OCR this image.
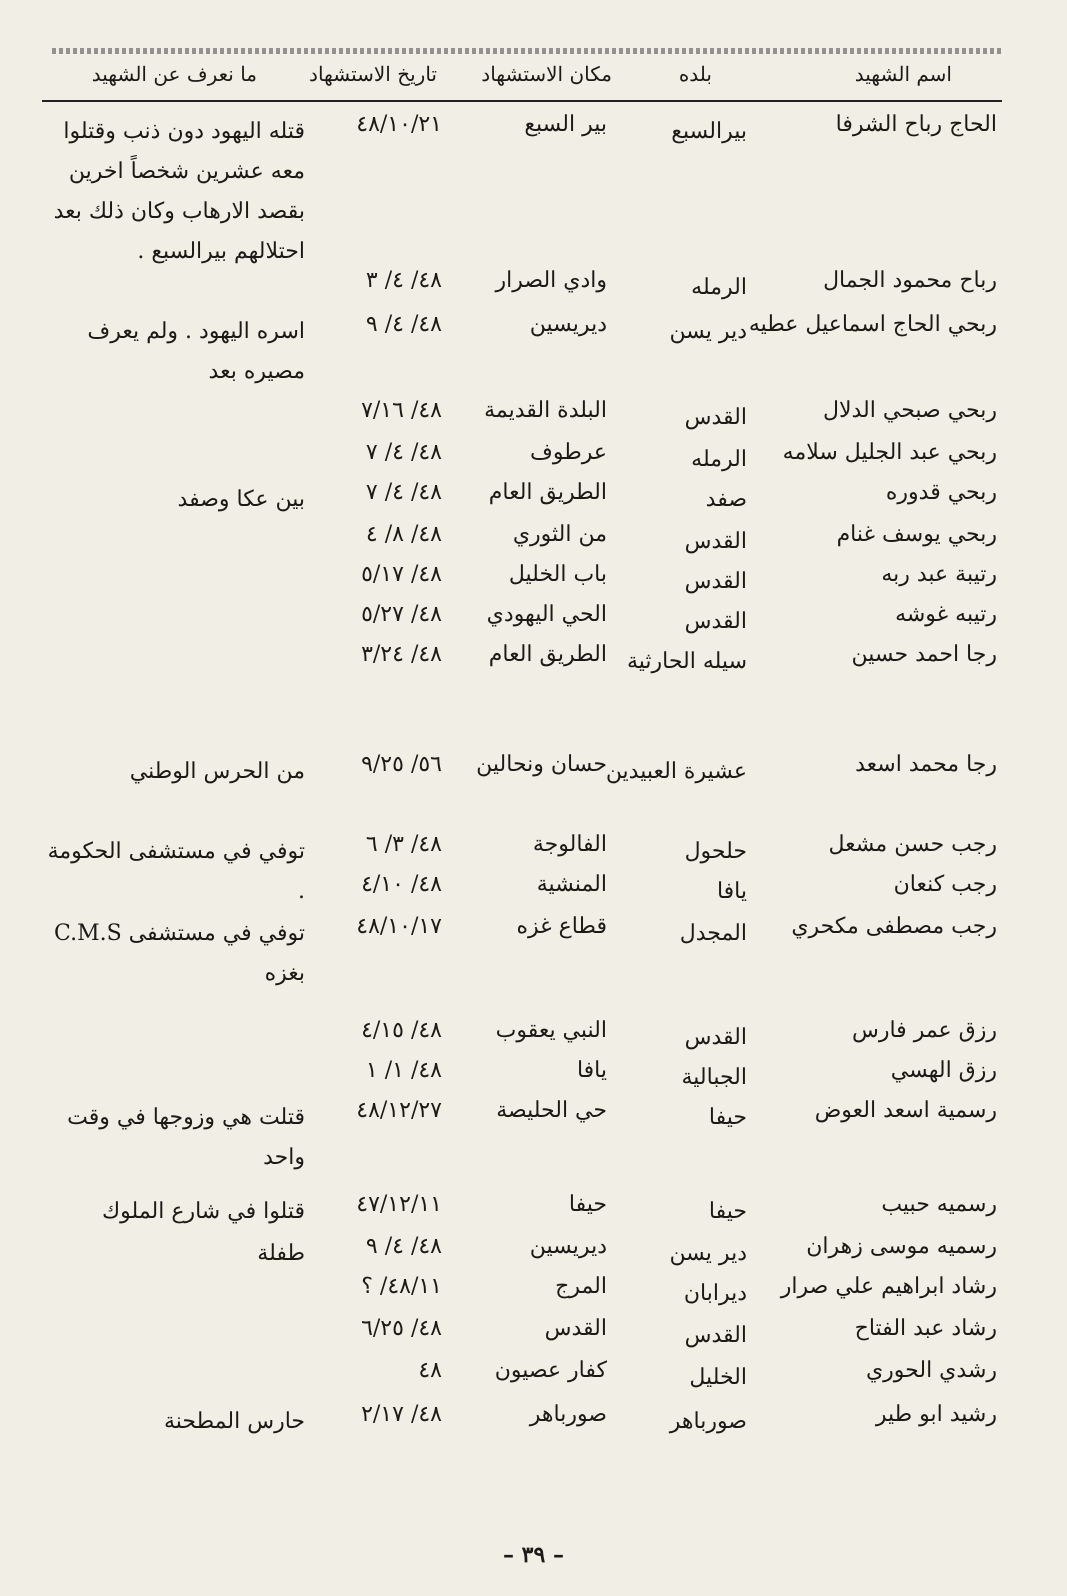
اسم الشهيد
بلده
مكان الاستشهاد
تاريخ الاستشهاد
ما نعرف عن الشهيد
الحاج رباح الشرفا
بيرالسبع
بير السبع
٤٨/١٠/٢١
قتله اليهود دون ذنب وقتلوا معه عشرين شخصاً اخرين بقصد الارهاب وكان ذلك بعد احتلالهم بيرالسبع .
رباح محمود الجمال
الرمله
وادي الصرار
٤٨/ ٤/ ٣
ربحي الحاج اسماعيل عطيه
دير يسن
ديريسين
٤٨/ ٤/ ٩
اسره اليهود . ولم يعرف مصيره بعد
ربحي صبحي الدلال
القدس
البلدة القديمة
٤٨/ ٧/١٦
ربحي عبد الجليل سلامه
الرمله
عرطوف
٤٨/ ٤/ ٧
ربحي قدوره
صفد
الطريق العام
٤٨/ ٤/ ٧
بين عكا وصفد
ربحي يوسف غنام
القدس
من الثوري
٤٨/ ٨/ ٤
رتيبة عبد ربه
القدس
باب الخليل
٤٨/ ٥/١٧
رتيبه غوشه
القدس
الحي اليهودي
٤٨/ ٥/٢٧
رجا احمد حسين
سيله الحارثية
الطريق العام
٤٨/ ٣/٢٤
رجا محمد اسعد
عشيرة العبيدين
حسان ونحالين
٥٦/ ٩/٢٥
من الحرس الوطني
رجب حسن مشعل
حلحول
الفالوجة
٤٨/ ٣/ ٦
توفي في مستشفى الحكومة .	رجب كنعان
يافا
المنشية
٤٨/ ٤/١٠
رجب مصطفى مكحري
المجدل
قطاع غزه
٤٨/١٠/١٧
توفي في مستشفى C.M.S بغزه
رزق عمر فارس
القدس
النبي يعقوب
٤٨/ ٤/١٥
رزق الهسي
الجبالية
يافا
٤٨/ ١/ ١
رسمية اسعد العوض
حيفا
حي الحليصة
٤٨/١٢/٢٧
قتلت هي وزوجها في وقت واحد
رسميه حبيب
حيفا
حيفا
٤٧/١٢/١١
قتلوا في شارع الملوك
رسميه موسى زهران
دير يسن
ديريسين
٤٨/ ٤/ ٩
طفلة
رشاد ابراهيم علي صرار
ديرابان
المرج
٤٨/١١/ ؟
رشاد عبد الفتاح
القدس
القدس
٤٨/ ٦/٢٥
رشدي الحوري
الخليل
كفار عصيون
٤٨
رشيد ابو طير
صورباهر
صورباهر
٤٨/ ٢/١٧
حارس المطحنة
– ٣٩ –
